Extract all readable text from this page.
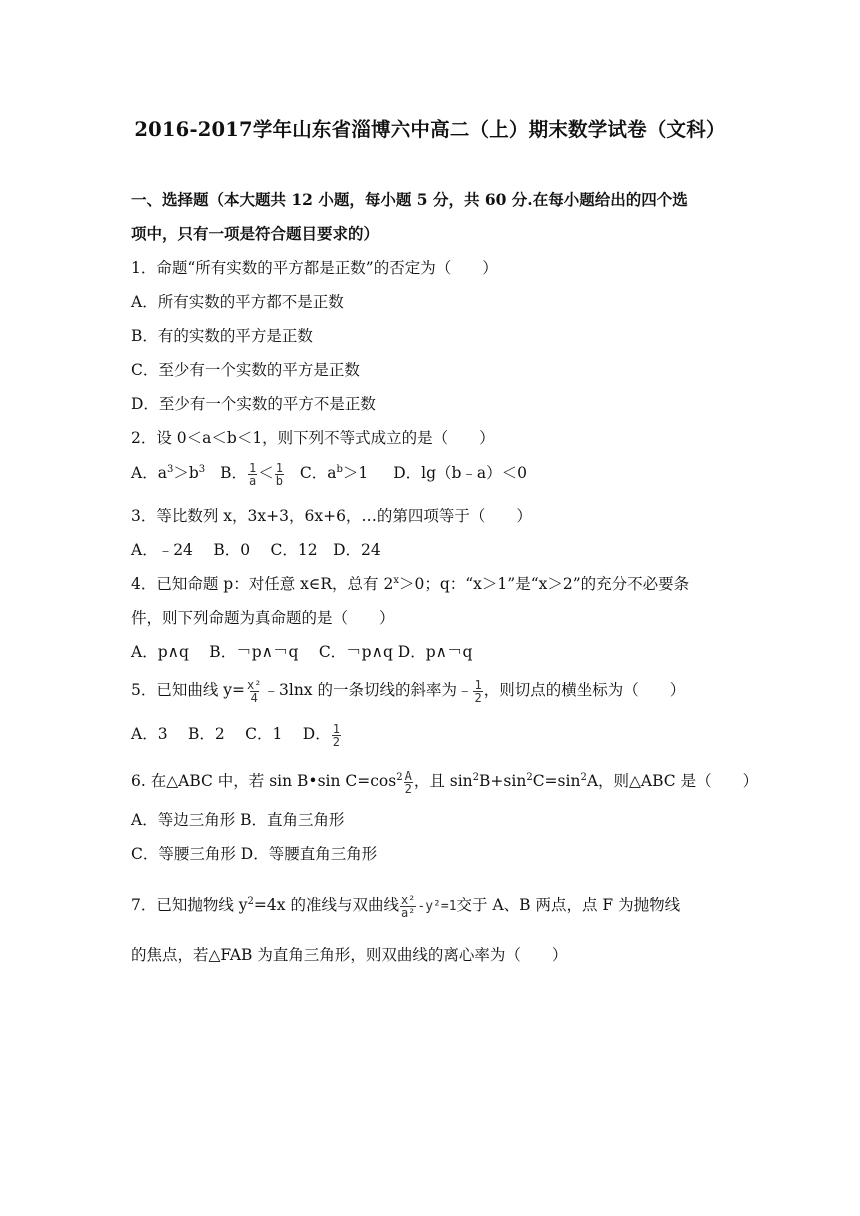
2016-2017学年山东省淄博六中高二（上）期末数学试卷（文科）
一、选择题（本大题共 12 小题，每小题 5 分，共 60 分.在每小题给出的四个选
项中，只有一项是符合题目要求的）
1．命题“所有实数的平方都是正数”的否定为（　　）
A．所有实数的平方都不是正数
B．有的实数的平方是正数
C．至少有一个实数的平方是正数
D．至少有一个实数的平方不是正数
2．设 0＜a＜b＜1，则下列不等式成立的是（　　）
A．$a^3>b^3$ B． $\frac{1}{a} < \frac{1}{b}$ C．$a^b>1$ D．lg（b﹣a）＜0
3．等比数列 x，3x+3，6x+6，…的第四项等于（　　）
A．﹣24　 B．0　 C．12　D．24
4．已知命题 p：对任意 x∈R，总有 $2^x>0$；q：“x＞1”是“x＞2”的充分不必要条
件，则下列命题为真命题的是（　　）
A．p∧q　 B．￢p∧￢q　 C．￢p∧q D．p∧￢q
5．已知曲线 $y= \frac{\text{x²}}{4}$ ﹣3lnx 的一条切线的斜率为﹣ $\frac{1}{2}$ ，则切点的横坐标为（　　）
A．3　 B．2　 C．1　 D． $\frac{1}{2}$
6. 在△ABC 中，若 sin B•sin $C=\cos^2 \frac{A}{2}$ ，且 $\sin^2B+\sin^2C=\sin^2A$，则△ABC 是（　　）
A．等边三角形 B．直角三角形
C．等腰三角形 D．等腰直角三角形
7．已知抛物线 $y^2=4x$ 的准线与双曲线 $\frac{\text{x²}}{\text{a²}} -y^2=1$交于 A、B 两点，点 F 为抛物线
的焦点，若△FAB 为直角三角形，则双曲线的离心率为（　　）
